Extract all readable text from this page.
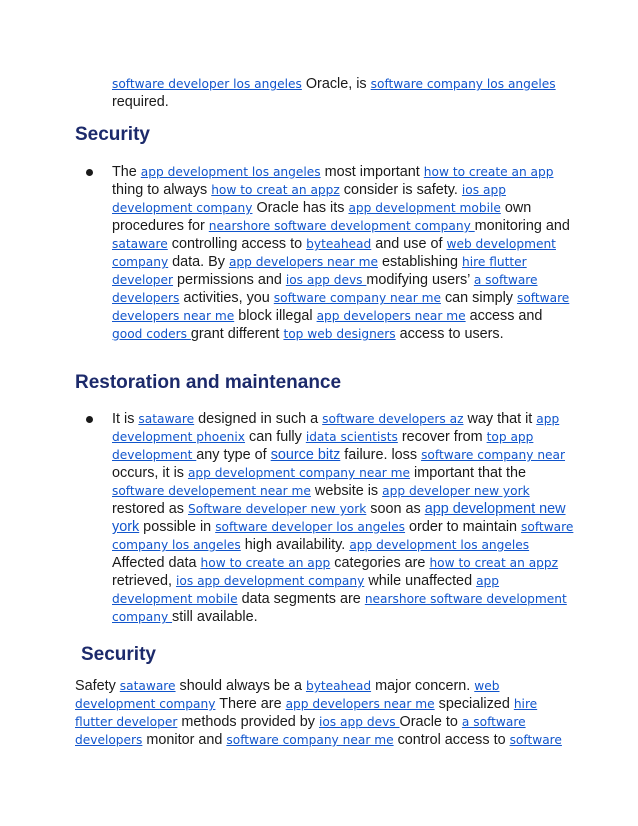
software developer los angeles Oracle, is software company los angeles required.
Security
The app development los angeles most important how to create an app thing to always how to creat an appz consider is safety. ios app development company Oracle has its app development mobile own procedures for nearshore software development company monitoring and sataware controlling access to byteahead and use of web development company data. By app developers near me establishing hire flutter developer permissions and ios app devs modifying users’ a software developers activities, you software company near me can simply software developers near me block illegal app developers near me access and good coders grant different top web designers access to users.
Restoration and maintenance
It is sataware designed in such a software developers az way that it app development phoenix can fully idata scientists recover from top app development any type of source bitz failure. loss software company near occurs, it is app development company near me important that the software developement near me website is app developer new york restored as Software developer new york soon as app development new york possible in software developer los angeles order to maintain software company los angeles high availability. app development los angeles Affected data how to create an app categories are how to creat an appz retrieved, ios app development company while unaffected app development mobile data segments are nearshore software development company still available.
Security
Safety sataware should always be a byteahead major concern. web development company There are app developers near me specialized hire flutter developer methods provided by ios app devs Oracle to a software developers monitor and software company near me control access to software
